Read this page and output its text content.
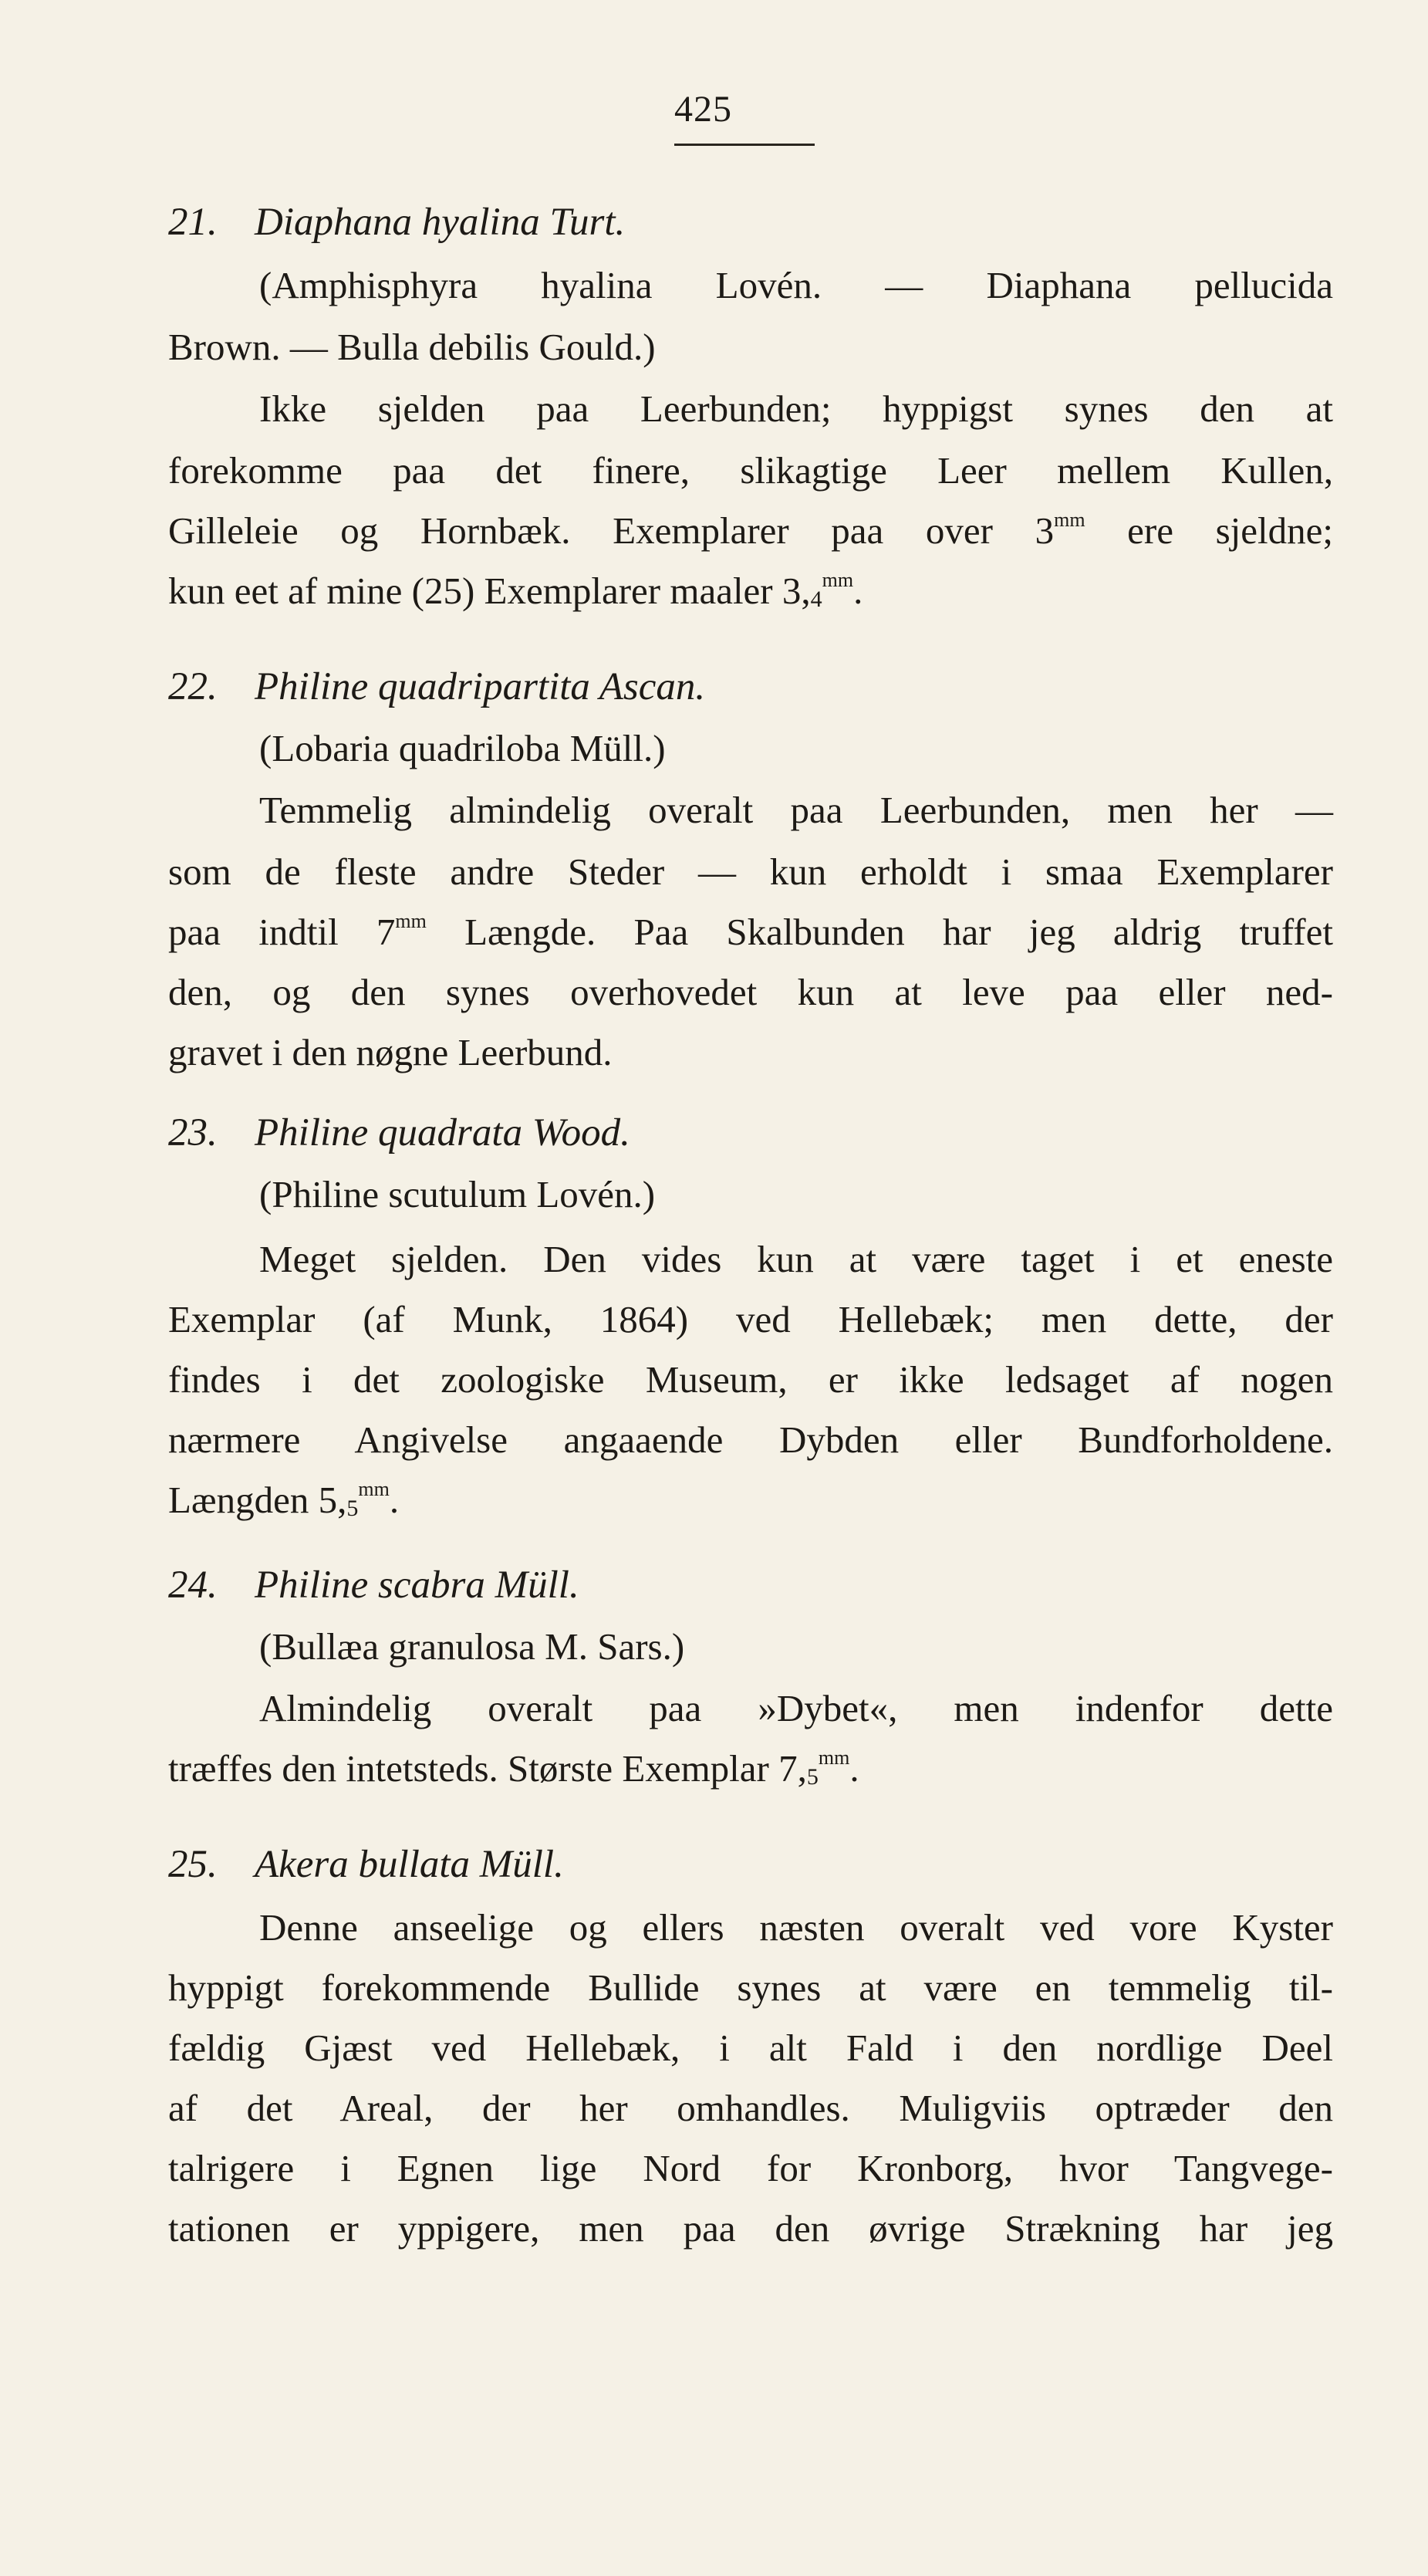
425
21. Diaphana hyalina Turt.
(Amphisphyra hyalina Lovén. — Diaphana pellucida
Brown. — Bulla debilis Gould.)
Ikke sjelden paa Leerbunden; hyppigst synes den at
forekomme paa det finere, slikagtige Leer mellem Kullen,
Gilleleie og Hornbæk. Exemplarer paa over $3^{mm}$ ere sjeldne;
kun eet af mine (25) Exemplarer maaler $3,_4^{mm}$.
22. Philine quadripartita Ascan.
(Lobaria quadriloba Müll.)
Temmelig almindelig overalt paa Leerbunden, men her —
som de fleste andre Steder — kun erholdt i smaa Exemplarer
paa indtil $7^{mm}$ Længde. Paa Skalbunden har jeg aldrig truffet
den, og den synes overhovedet kun at leve paa eller ned-
gravet i den nøgne Leerbund.
23. Philine quadrata Wood.
(Philine scutulum Lovén.)
Meget sjelden. Den vides kun at være taget i et eneste
Exemplar (af Munk, 1864) ved Hellebæk; men dette, der
findes i det zoologiske Museum, er ikke ledsaget af nogen
nærmere Angivelse angaaende Dybden eller Bundforholdene.
Længden $5,_5^{mm}$.
24. Philine scabra Müll.
(Bullæa granulosa M. Sars.)
Almindelig overalt paa »Dybet«, men indenfor dette
træffes den intetsteds. Største Exemplar $7,_5^{mm}$.
25. Akera bullata Müll.
Denne anseelige og ellers næsten overalt ved vore Kyster
hyppigt forekommende Bullide synes at være en temmelig til-
fældig Gjæst ved Hellebæk, i alt Fald i den nordlige Deel
af det Areal, der her omhandles. Muligviis optræder den
talrigere i Egnen lige Nord for Kronborg, hvor Tangvege-
tationen er yppigere, men paa den øvrige Strækning har jeg
